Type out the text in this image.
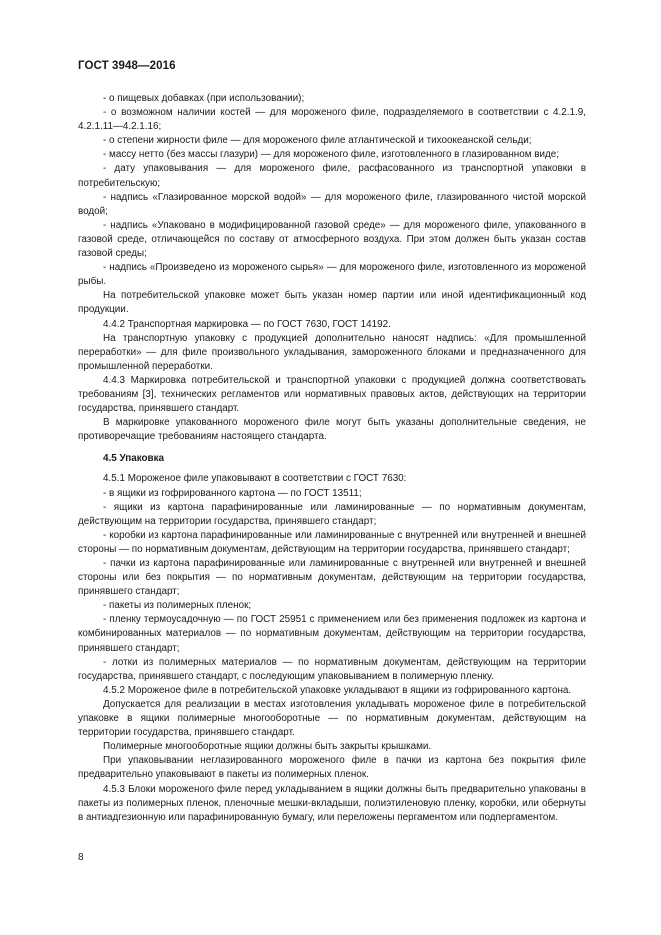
ГОСТ 3948—2016

- о пищевых добавках (при использовании);

- о возможном наличии костей — для мороженого филе, подразделяемого в соответствии с 4.2.1.9, 4.2.1.11—4.2.1.16;

- о степени жирности филе — для мороженого филе атлантической и тихоокеанской сельди;

- массу нетто (без массы глазури) — для мороженого филе, изготовленного в глазированном виде;

- дату упаковывания — для мороженого филе, расфасованного из транспортной упаковки в потребительскую;

- надпись «Глазированное морской водой» — для мороженого филе, глазированного чистой морской водой;

- надпись «Упаковано в модифицированной газовой среде» — для мороженого филе, упакованного в газовой среде, отличающейся по составу от атмосферного воздуха. При этом должен быть указан состав газовой среды;

- надпись «Произведено из мороженого сырья» — для мороженого филе, изготовленного из мороженой рыбы.

На потребительской упаковке может быть указан номер партии или иной идентификационный код продукции.

4.4.2 Транспортная маркировка — по ГОСТ 7630, ГОСТ 14192.

На транспортную упаковку с продукцией дополнительно наносят надпись: «Для промышленной переработки» — для филе произвольного укладывания, замороженного блоками и предназначенного для промышленной переработки.

4.4.3 Маркировка потребительской и транспортной упаковки с продукцией должна соответствовать требованиям [3], технических регламентов или нормативных правовых актов, действующих на территории государства, принявшего стандарт.

В маркировке упакованного мороженого филе могут быть указаны дополнительные сведения, не противоречащие требованиям настоящего стандарта.

4.5 Упаковка

4.5.1 Мороженое филе упаковывают в соответствии с ГОСТ 7630:

- в ящики из гофрированного картона — по ГОСТ 13511;

- ящики из картона парафинированные или ламинированные — по нормативным документам, действующим на территории государства, принявшего стандарт;

- коробки из картона парафинированные или ламинированные с внутренней или внутренней и внешней стороны — по нормативным документам, действующим на территории государства, принявшего стандарт;

- пачки из картона парафинированные или ламинированные с внутренней или внутренней и внешней стороны или без покрытия — по нормативным документам, действующим на территории государства, принявшего стандарт;

- пакеты из полимерных пленок;

- пленку термоусадочную — по ГОСТ 25951 с применением или без применения подложек из картона и комбинированных материалов — по нормативным документам, действующим на территории государства, принявшего стандарт;

- лотки из полимерных материалов — по нормативным документам, действующим на территории государства, принявшего стандарт, с последующим упаковыванием в полимерную пленку.

4.5.2 Мороженое филе в потребительской упаковке укладывают в ящики из гофрированного картона.

Допускается для реализации в местах изготовления укладывать мороженое филе в потребительской упаковке в ящики полимерные многооборотные — по нормативным документам, действующим на территории государства, принявшего стандарт.

Полимерные многооборотные ящики должны быть закрыты крышками.

При упаковывании неглазированного мороженого филе в пачки из картона без покрытия филе предварительно упаковывают в пакеты из полимерных пленок.

4.5.3 Блоки мороженого филе перед укладыванием в ящики должны быть предварительно упакованы в пакеты из полимерных пленок, пленочные мешки-вкладыши, полиэтиленовую пленку, коробки, или обернуты в антиадгезионную или парафинированную бумагу, или переложены пергаментом или подпергаментом.

8
